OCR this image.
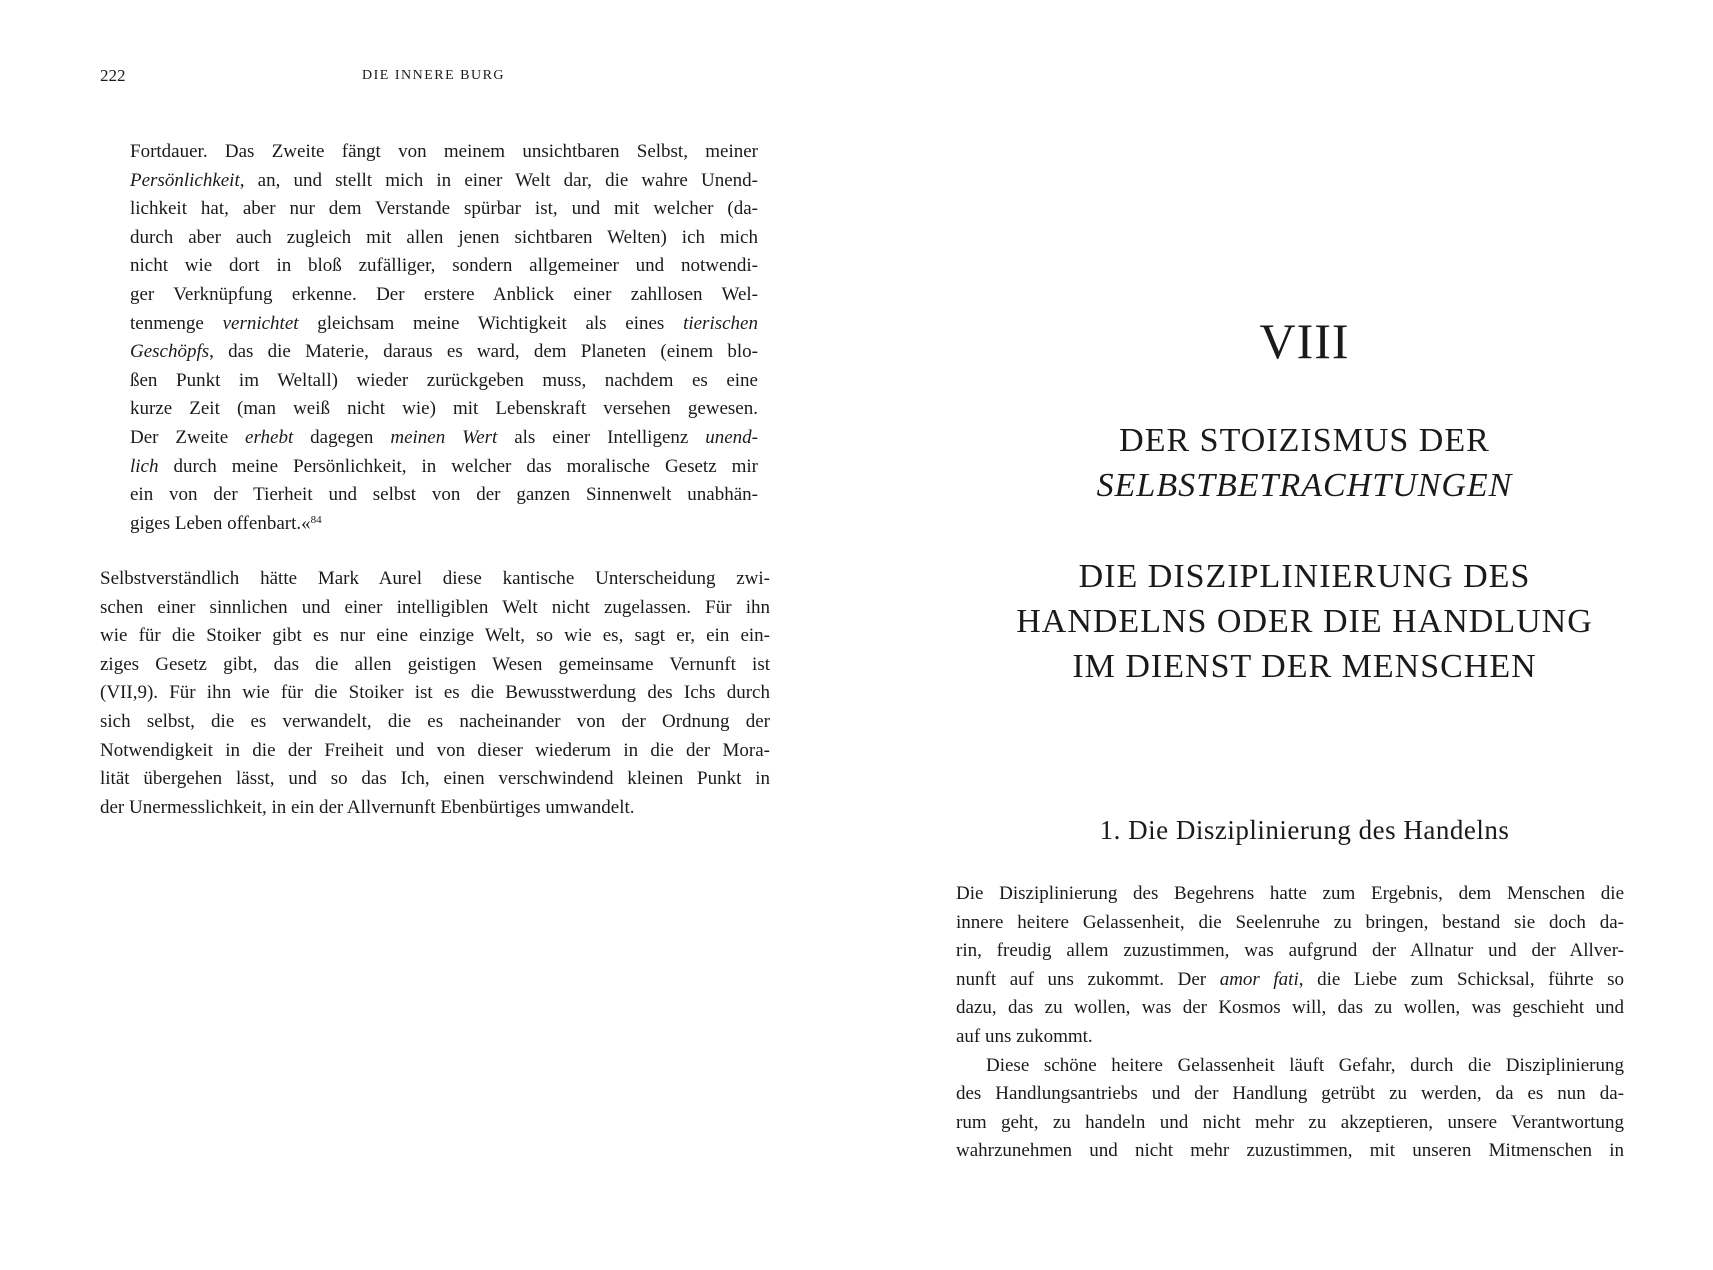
222	DIE INNERE BURG
Fortdauer. Das Zweite fängt von meinem unsichtbaren Selbst, meiner
Persönlichkeit, an, und stellt mich in einer Welt dar, die wahre Unend-
lichkeit hat, aber nur dem Verstande spürbar ist, und mit welcher (da-
durch aber auch zugleich mit allen jenen sichtbaren Welten) ich mich
nicht wie dort in bloß zufälliger, sondern allgemeiner und notwendi-
ger Verknüpfung erkenne. Der erstere Anblick einer zahllosen Wel-
tenmenge vernichtet gleichsam meine Wichtigkeit als eines tierischen
Geschöpfs, das die Materie, daraus es ward, dem Planeten (einem blo-
ßen Punkt im Weltall) wieder zurückgeben muss, nachdem es eine
kurze Zeit (man weiß nicht wie) mit Lebenskraft versehen gewesen.
Der Zweite erhebt dagegen meinen Wert als einer Intelligenz unend-
lich durch meine Persönlichkeit, in welcher das moralische Gesetz mir
ein von der Tierheit und selbst von der ganzen Sinnenwelt unabhän-
giges Leben offenbart.«$^{84}$
Selbstverständlich hätte Mark Aurel diese kantische Unterscheidung zwi-
schen einer sinnlichen und einer intelligiblen Welt nicht zugelassen. Für ihn
wie für die Stoiker gibt es nur eine einzige Welt, so wie es, sagt er, ein ein-
ziges Gesetz gibt, das die allen geistigen Wesen gemeinsame Vernunft ist
(VII,9). Für ihn wie für die Stoiker ist es die Bewusstwerdung des Ichs durch
sich selbst, die es verwandelt, die es nacheinander von der Ordnung der
Notwendigkeit in die der Freiheit und von dieser wiederum in die der Mora-
lität übergehen lässt, und so das Ich, einen verschwindend kleinen Punkt in
der Unermesslichkeit, in ein der Allvernunft Ebenbürtiges umwandelt.
VIII
DER STOIZISMUS DER
SELBSTBETRACHTUNGEN
DIE DISZIPLINIERUNG DES
HANDELNS ODER DIE HANDLUNG
IM DIENST DER MENSCHEN
1. Die Disziplinierung des Handelns
Die Disziplinierung des Begehrens hatte zum Ergebnis, dem Menschen die
innere heitere Gelassenheit, die Seelenruhe zu bringen, bestand sie doch da-
rin, freudig allem zuzustimmen, was aufgrund der Allnatur und der Allver-
nunft auf uns zukommt. Der amor fati, die Liebe zum Schicksal, führte so
dazu, das zu wollen, was der Kosmos will, das zu wollen, was geschieht und
auf uns zukommt.
Diese schöne heitere Gelassenheit läuft Gefahr, durch die Disziplinierung
des Handlungsantriebs und der Handlung getrübt zu werden, da es nun da-
rum geht, zu handeln und nicht mehr zu akzeptieren, unsere Verantwortung
wahrzunehmen und nicht mehr zuzustimmen, mit unseren Mitmenschen in
